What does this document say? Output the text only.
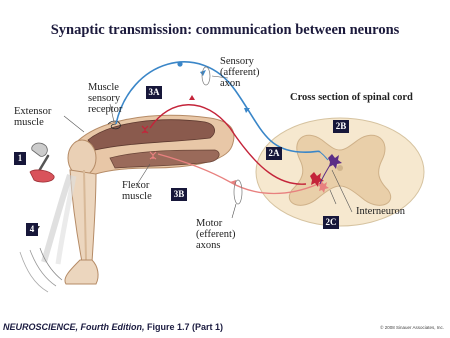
Synaptic transmission: communication between neurons
Muscle
sensory
receptor
Sensory
(afferent)
axon
Extensor
muscle
Cross section of spinal cord
Flexor
muscle
Motor
(efferent)
axons
Interneuron
1
2B
2A
2C
3A
3B
4
NEUROSCIENCE, Fourth Edition, Figure 1.7 (Part 1)	© 2008 Sinauer Associates, Inc.
